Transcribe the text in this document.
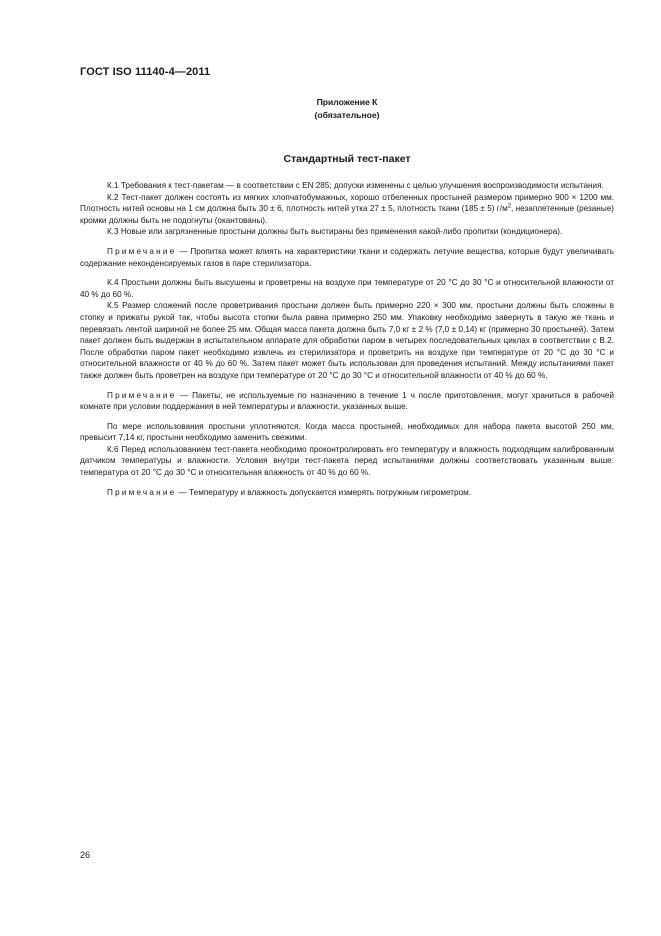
ГОСТ ISO 11140-4—2011
Приложение К
(обязательное)
Стандартный тест-пакет

К.1 Требования к тест-пакетам — в соответствии с EN 285; допуски изменены с целью улучшения воспроизводимости испытания.

К.2 Тест-пакет должен состоять из мягких хлопчатобумажных, хорошо отбеленных простыней размером примерно 900 × 1200 мм. Плотность нитей основы на 1 см должна быть 30 ± 6, плотность нитей утка 27 ± 5, плотность ткани (185 ± 5) $г/м^2$, незаплетенные (резаные) кромки должны быть не подогнуты (окантованы).

К.3 Новые или загрязненные простыни должны быть выстираны без применения какой-либо пропитки (кондиционера).

Примечание — Пропитка может влиять на характеристики ткани и содержать летучие вещества, которые будут увеличивать содержание неконденсируемых газов в паре стерилизатора.

К.4 Простыни должны быть высушены и проветрены на воздухе при температуре от 20 °С до 30 °С и относительной влажности от 40 % до 60 %.

К.5 Размер сложений после проветривания простыни должен быть примерно 220 × 300 мм, простыни должны быть сложены в стопку и прижаты рукой так, чтобы высота стопки была равна примерно 250 мм. Упаковку необходимо завернуть в такую же ткань и перевязать лентой шириной не более 25 мм. Общая масса пакета должна быть 7,0 кг ± 2 % (7,0 ± 0,14) кг (примерно 30 простыней). Затем пакет должен быть выдержан в испытательном аппарате для обработки паром в четырех последовательных циклах в соответствии с В.2. После обработки паром пакет необходимо извлечь из стерилизатора и проветрить на воздухе при температуре от 20 °С до 30 °С и относительной влажности от 40 % до 60 %. Затем пакет может быть использован для проведения испытаний. Между испытаниями пакет также должен быть проветрен на воздухе при температуре от 20 °С до 30 °С и относительной влажности от 40 % до 60 %.

Примечание — Пакеты, не используемые по назначению в течение 1 ч после приготовления, могут храниться в рабочей комнате при условии поддержания в ней температуры и влажности, указанных выше.

По мере использования простыни уплотняются. Когда масса простыней, необходимых для набора пакета высотой 250 мм, превысит 7,14 кг, простыни необходимо заменить свежими.

К.6 Перед использованием тест-пакета необходимо проконтролировать его температуру и влажность подходящим калиброванным датчиком температуры и влажности. Условия внутри тест-пакета перед испытаниями должны соответствовать указанным выше: температура от 20 °С до 30 °С и относительная влажность от 40 % до 60 %.

Примечание — Температуру и влажность допускается измерять погружным гигрометром.

26
